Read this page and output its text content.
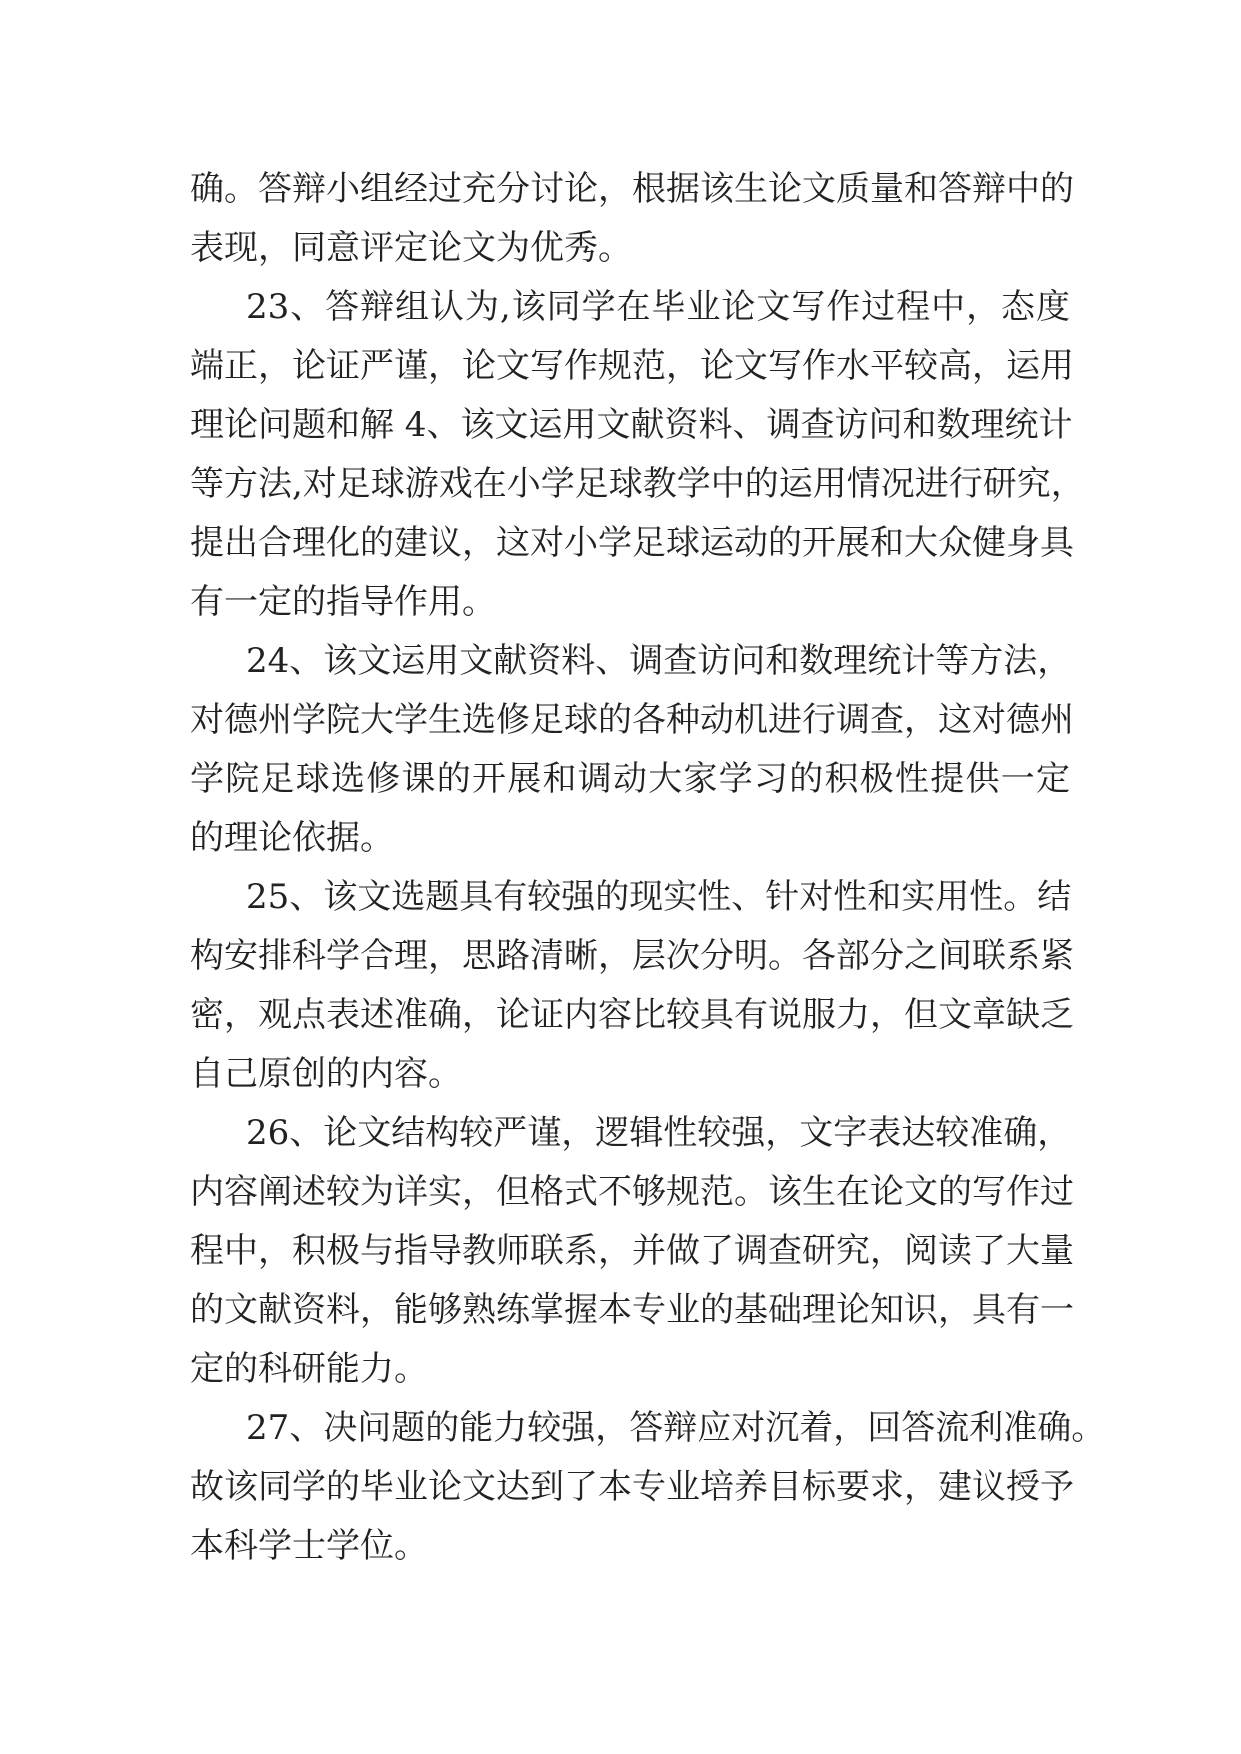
确。答辩小组经过充分讨论，根据该生论文质量和答辩中的
表现，同意评定论文为优秀。
23、答辩组认为,该同学在毕业论文写作过程中，态度
端正，论证严谨，论文写作规范，论文写作水平较高，运用
理论问题和解 4、该文运用文献资料、调查访问和数理统计
等方法,对足球游戏在小学足球教学中的运用情况进行研究，
提出合理化的建议，这对小学足球运动的开展和大众健身具
有一定的指导作用。
24、该文运用文献资料、调查访问和数理统计等方法，
对德州学院大学生选修足球的各种动机进行调查，这对德州
学院足球选修课的开展和调动大家学习的积极性提供一定
的理论依据。
25、该文选题具有较强的现实性、针对性和实用性。结
构安排科学合理，思路清晰，层次分明。各部分之间联系紧
密，观点表述准确，论证内容比较具有说服力，但文章缺乏
自己原创的内容。
26、论文结构较严谨，逻辑性较强，文字表达较准确，
内容阐述较为详实，但格式不够规范。该生在论文的写作过
程中，积极与指导教师联系，并做了调查研究，阅读了大量
的文献资料，能够熟练掌握本专业的基础理论知识，具有一
定的科研能力。
27、决问题的能力较强，答辩应对沉着，回答流利准确。
故该同学的毕业论文达到了本专业培养目标要求，建议授予
本科学士学位。
